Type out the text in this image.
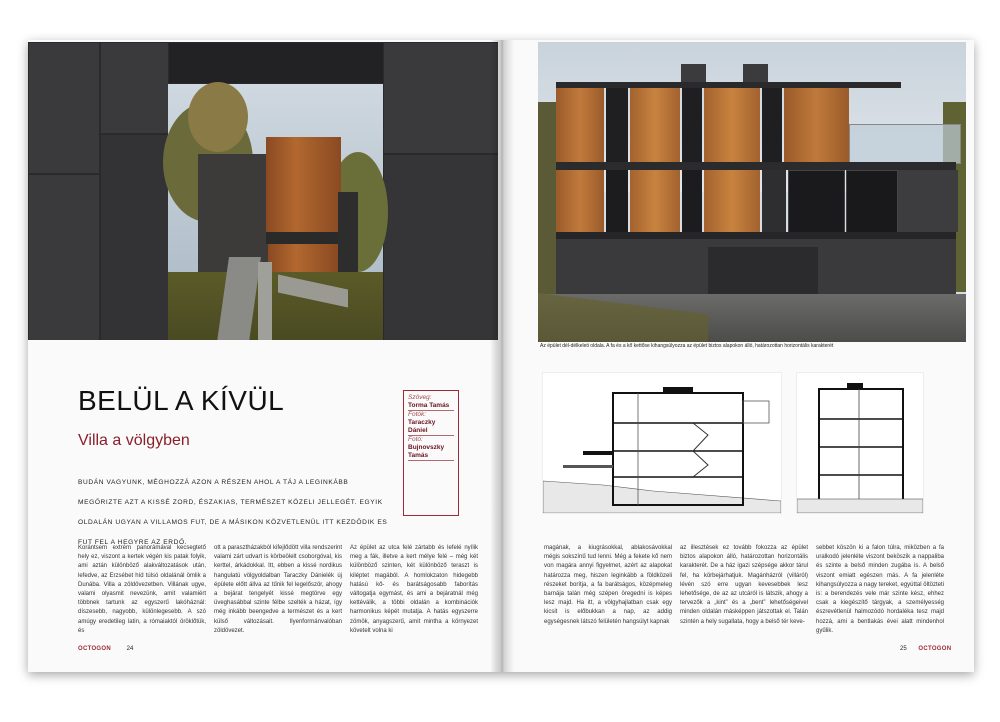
BELÜL A KÍVÜL
Villa a völgyben
Szöveg:
Torma Tamás
Fotók:
Taraczky Dániel
Fotó:
Bujnovszky Tamás
BUDÁN VAGYUNK, MÉGHOZZÁ AZON A RÉSZEN AHOL A TÁJ A LEGINKÁBB MEGŐRIZTE AZT A KISSÉ ZORD, ÉSZAKIAS, TERMÉSZET KÖZELI JELLEGÉT. EGYIK OLDALÁN UGYAN A VILLAMOS FUT, DE A MÁSIKON KÖZVETLENÜL ITT KEZDŐDIK ES FUT FEL A HEGYRE AZ ERDŐ.
Korántsem extrém panorámával kecsegtető hely ez, viszont a kertek végén kis patak folyik, ami aztán különböző alakváltozatások után, lefedve, az Erzsébet híd túlsó oldalánál ömlik a Dunába. Villa a zöldövezetben. Villának ugye, valami olyasmit nevezünk, amit valamiért többnek tartunk az egyszerű lakóháznál: díszesebb, nagyobb, különlegesebb. A szó amúgy eredetileg latin, a rómaiaktól öröklőtük, és
ott a parasztházakból kifejlődött villa rendszerint valami zárt udvart is körbeölelt csoborgóval, kis kerttel, árkádokkal. Itt, ebben a kissé nordikus hangulatú völgyoldalban Taraczky Dánielék új épülete előtt állva az tűnik fel legelőször, ahogy a bejárat tengelyét kissé megtörve egy üveghasábbal szinte félbe szelték a házat, így még inkább beengedve a természet és a kert külső változásait. Ilyenformánvalóban zöldövezet.
Az épület az utca felé zártabb és lefelé nyílik meg a fák, illetve a kert mélye felé – még két különböző szinten, két különböző teraszt is kiléptet magából. A homlokzaton hidegebb hatású kő- és barátságosabb faborítás váltogatja egymást, és ami a bejáratnál még kettéválik, a többi oldalán a kombinációk harmonikus képét mutatja. A hatás egyszerre zömök, anyagszerű, amit mintha a környezet követelt volna ki
OCTOGON	24
Az épület dél-délkeleti oldala. A fa és a kő kettőse kihangsúlyozza az épület biztos alapokon álló, határozottan horizontális karakterét
magának, a kiugrásokkal, ablakosávokkal mégis sokszínű tud lenni. Még a fekete kő nem von magára annyi figyelmet, azért az alapokat határozza meg, hiszen leginkább a földközeli részeket borítja, a fa barátságos, középmeleg barnája talán még szépen öregedni is képes lesz majd. Ha itt, a völgyhajlatban csak egy kicsit is előbukkan a nap, az addig egységesnek látszó felületén hangsúlyt kapnak
az illesztések ez tovább fokozza az épület biztos alapokon álló, határozottan horizontális karakterét. De a ház igazi szépsége akkor tárul fel, ha körbejárhatjuk. Magánházról (villáról) lévén szó erre ugyan kevesebbek lesz lehetősége, de az az utcáról is látszik, ahogy a tervezők a „kint” és a „bent” lehetőségeivel minden oldalán másképpen játszottak el. Talán szintén a hely sugallata, hogy a belső tér keve-
sebbet köszön ki a falon túlra, miközben a fa uralkodó jelenléte viszont beköszik a nappaliba és szinte a belső minden zugába is. A belső viszont emiatt egészen más. A fa jelenléte kihangsúlyozza a nagy tereket, egyúttal öltözteti is: a berendezés vele már szinte kész, ehhez csak a kiegészítő tárgyak, a személyesség észrevétlenül halmozódó hordaléka tesz majd hozzá, ami a bentlakás évei alatt mindenhol gyűlik.
25 OCTOGON
